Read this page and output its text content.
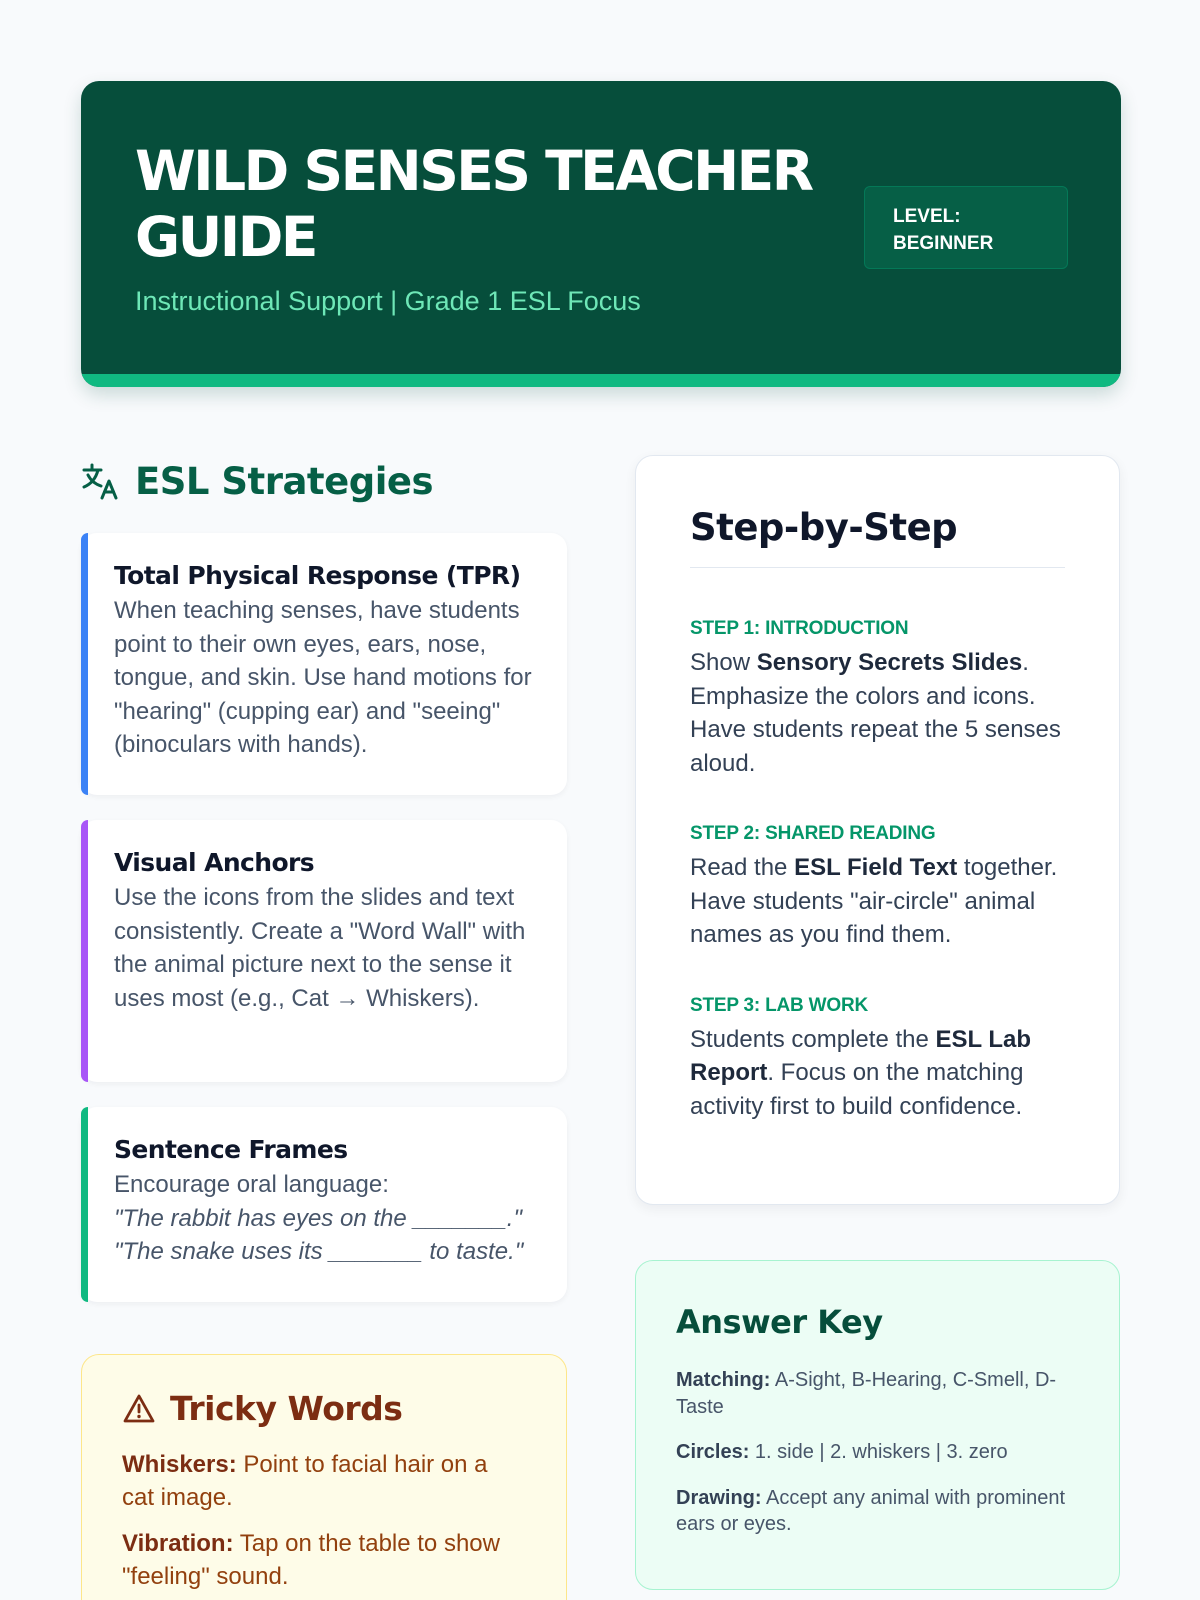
WILD SENSES TEACHER GUIDE
Instructional Support | Grade 1 ESL Focus
LEVEL: BEGINNER
ESL Strategies
Total Physical Response (TPR)
When teaching senses, have students point to their own eyes, ears, nose, tongue, and skin. Use hand motions for "hearing" (cupping ear) and "seeing" (binoculars with hands).
Visual Anchors
Use the icons from the slides and text consistently. Create a "Word Wall" with the animal picture next to the sense it uses most (e.g., Cat → Whiskers).
Sentence Frames
Encourage oral language:
"The rabbit has eyes on the _______."
"The snake uses its _______ to taste."
Tricky Words
Whiskers: Point to facial hair on a cat image.
Vibration: Tap on the table to show "feeling" sound.
Step-by-Step
STEP 1: INTRODUCTION
Show Sensory Secrets Slides. Emphasize the colors and icons. Have students repeat the 5 senses aloud.
STEP 2: SHARED READING
Read the ESL Field Text together. Have students "air-circle" animal names as you find them.
STEP 3: LAB WORK
Students complete the ESL Lab Report. Focus on the matching activity first to build confidence.
Answer Key
Matching: A-Sight, B-Hearing, C-Smell, D-Taste
Circles: 1. side | 2. whiskers | 3. zero
Drawing: Accept any animal with prominent ears or eyes.
